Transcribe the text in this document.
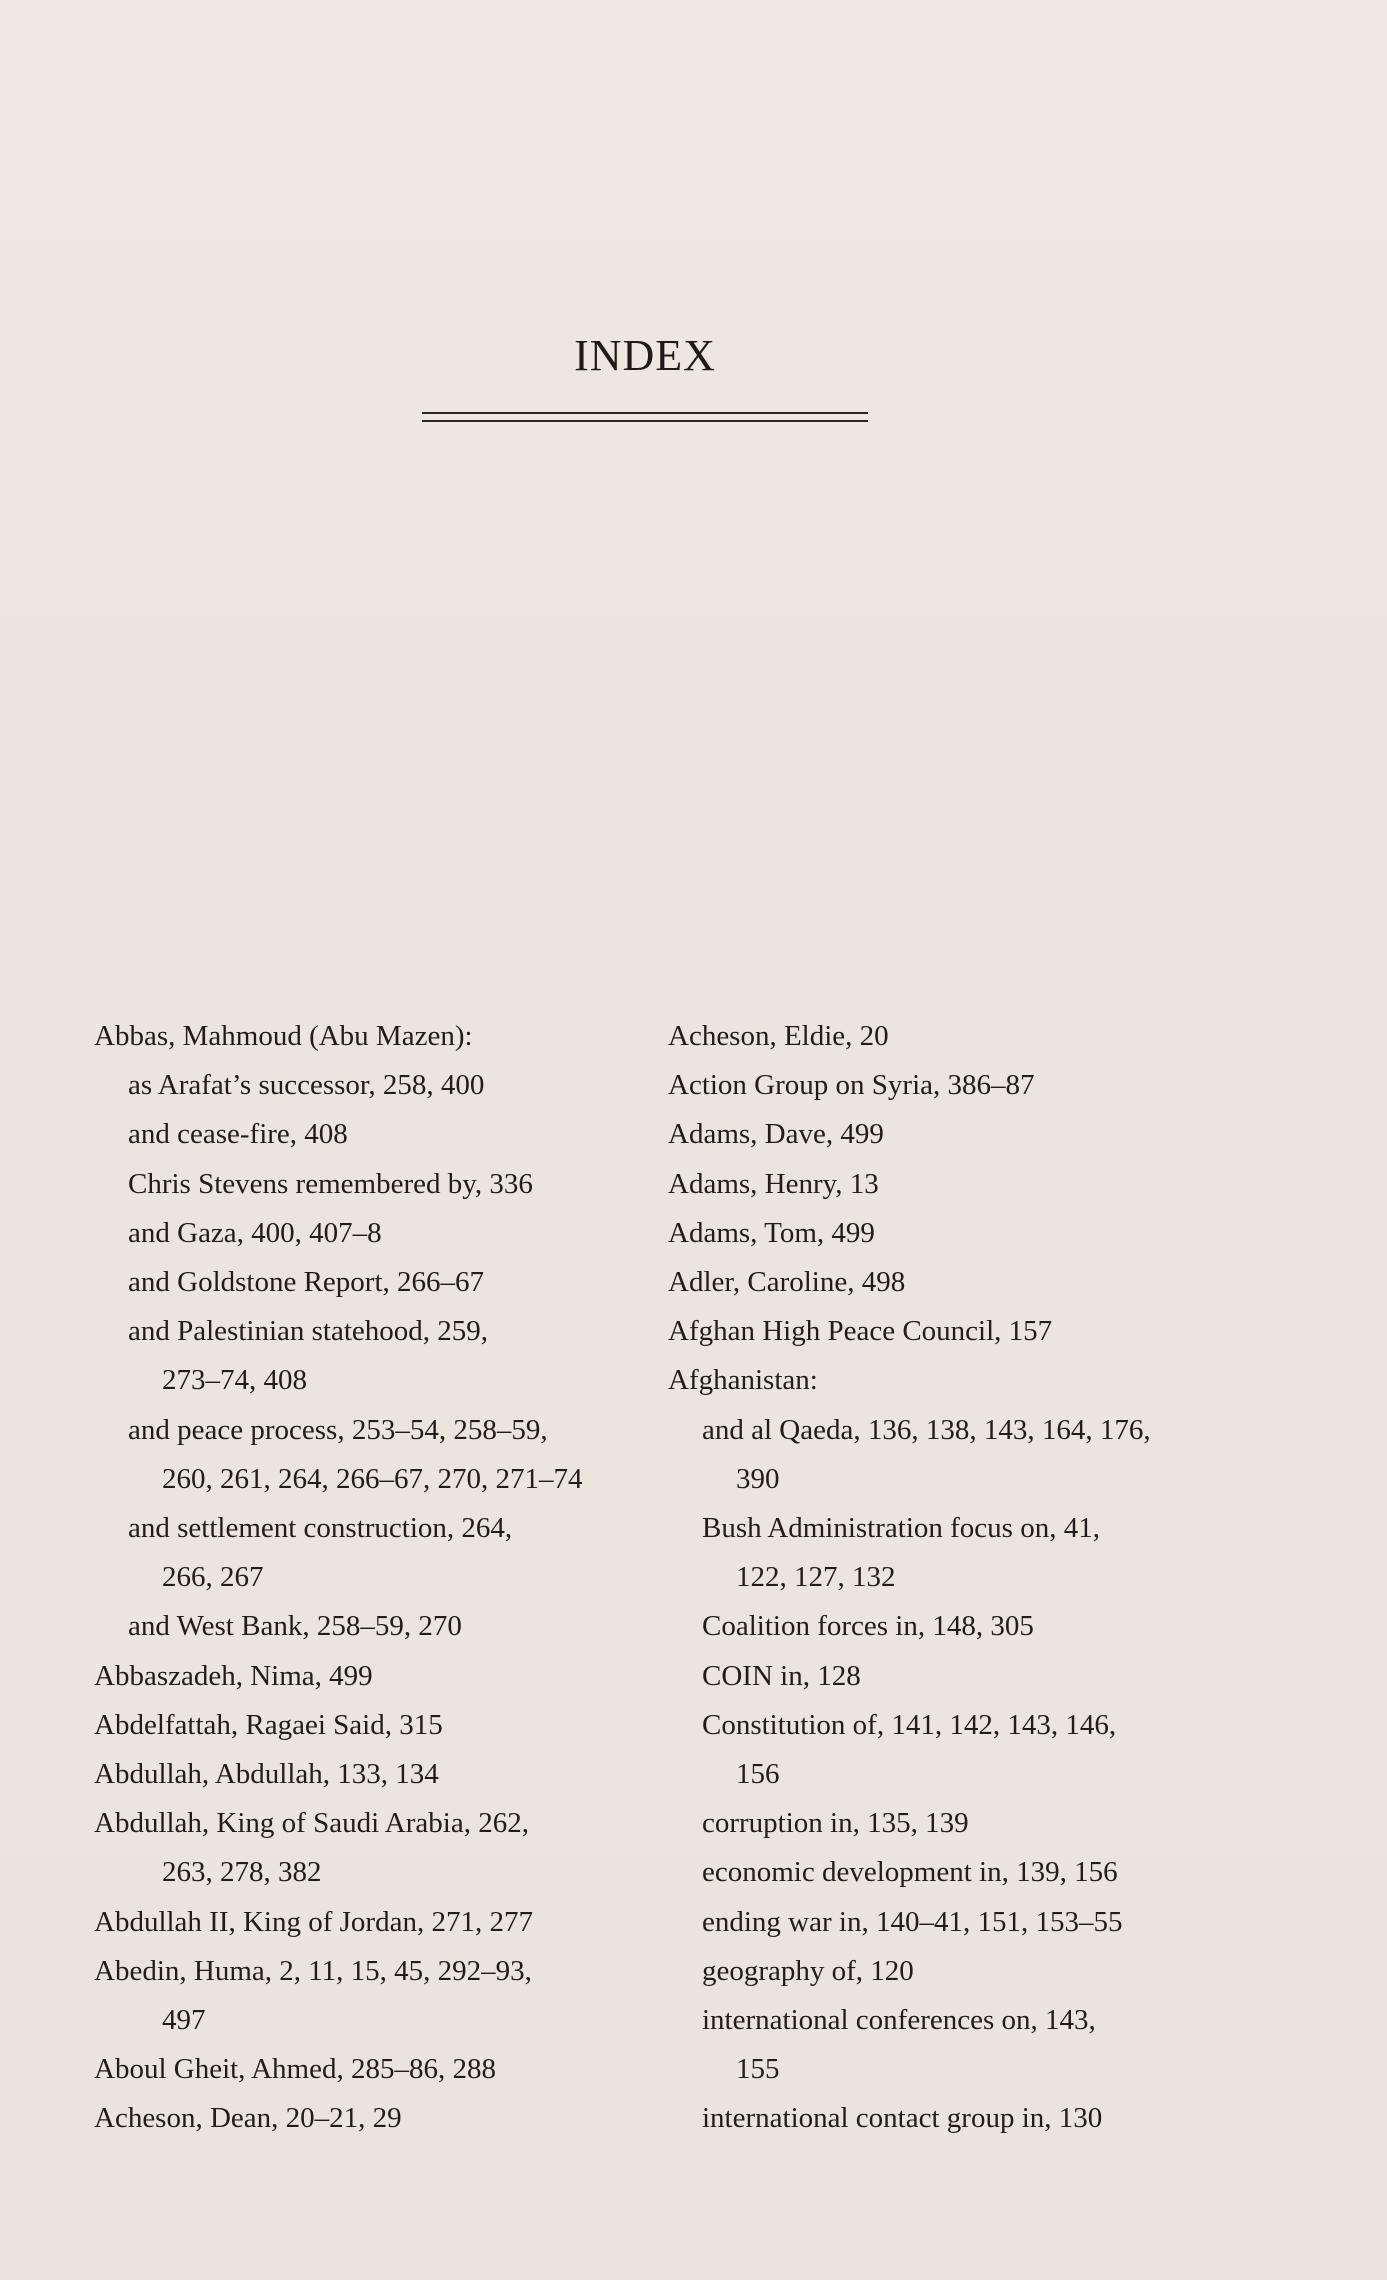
INDEX
Abbas, Mahmoud (Abu Mazen):
as Arafat’s successor, 258, 400
and cease-fire, 408
Chris Stevens remembered by, 336
and Gaza, 400, 407–8
and Goldstone Report, 266–67
and Palestinian statehood, 259,
273–74, 408
and peace process, 253–54, 258–59,
260, 261, 264, 266–67, 270, 271–74
and settlement construction, 264,
266, 267
and West Bank, 258–59, 270
Abbaszadeh, Nima, 499
Abdelfattah, Ragaei Said, 315
Abdullah, Abdullah, 133, 134
Abdullah, King of Saudi Arabia, 262,
263, 278, 382
Abdullah II, King of Jordan, 271, 277
Abedin, Huma, 2, 11, 15, 45, 292–93,
497
Aboul Gheit, Ahmed, 285–86, 288
Acheson, Dean, 20–21, 29
Acheson, Eldie, 20
Action Group on Syria, 386–87
Adams, Dave, 499
Adams, Henry, 13
Adams, Tom, 499
Adler, Caroline, 498
Afghan High Peace Council, 157
Afghanistan:
and al Qaeda, 136, 138, 143, 164, 176,
390
Bush Administration focus on, 41,
122, 127, 132
Coalition forces in, 148, 305
COIN in, 128
Constitution of, 141, 142, 143, 146,
156
corruption in, 135, 139
economic development in, 139, 156
ending war in, 140–41, 151, 153–55
geography of, 120
international conferences on, 143,
155
international contact group in, 130
